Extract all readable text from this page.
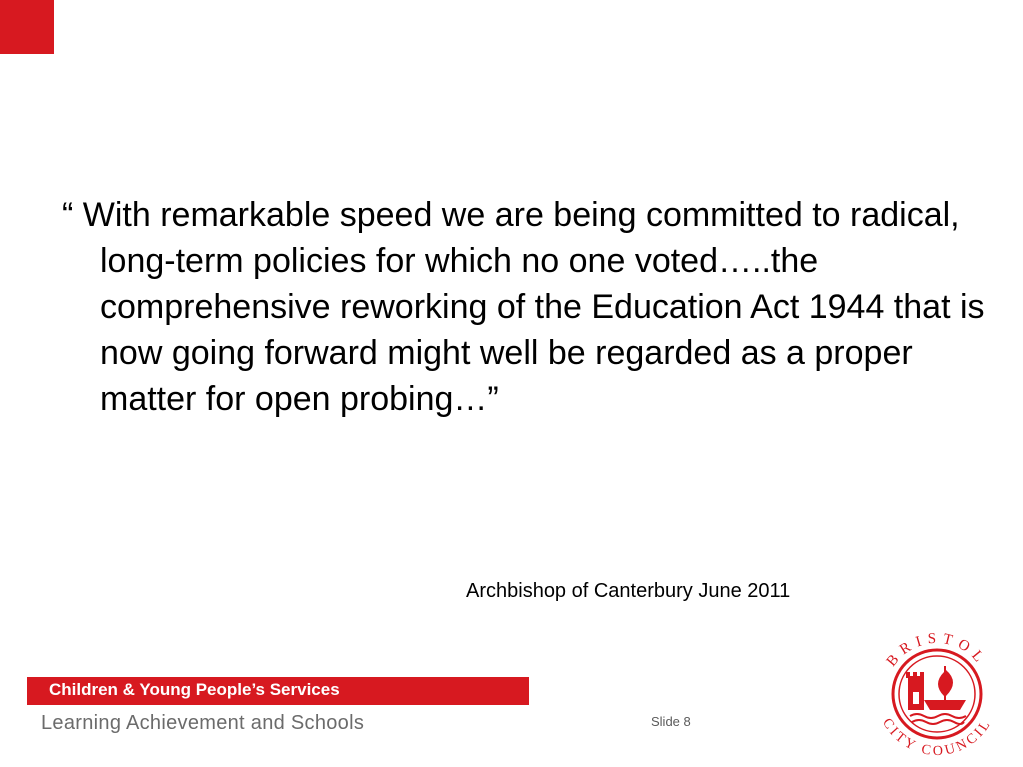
“ With remarkable speed we are being committed to radical, long-term policies for which no one voted…..the comprehensive reworking of the Education Act 1944 that is now going forward might well be regarded as a proper matter for open probing…”
Archbishop of Canterbury June 2011
Children & Young People’s Services
Learning Achievement and Schools	Slide 8
BRISTOL
CITY COUNCIL
